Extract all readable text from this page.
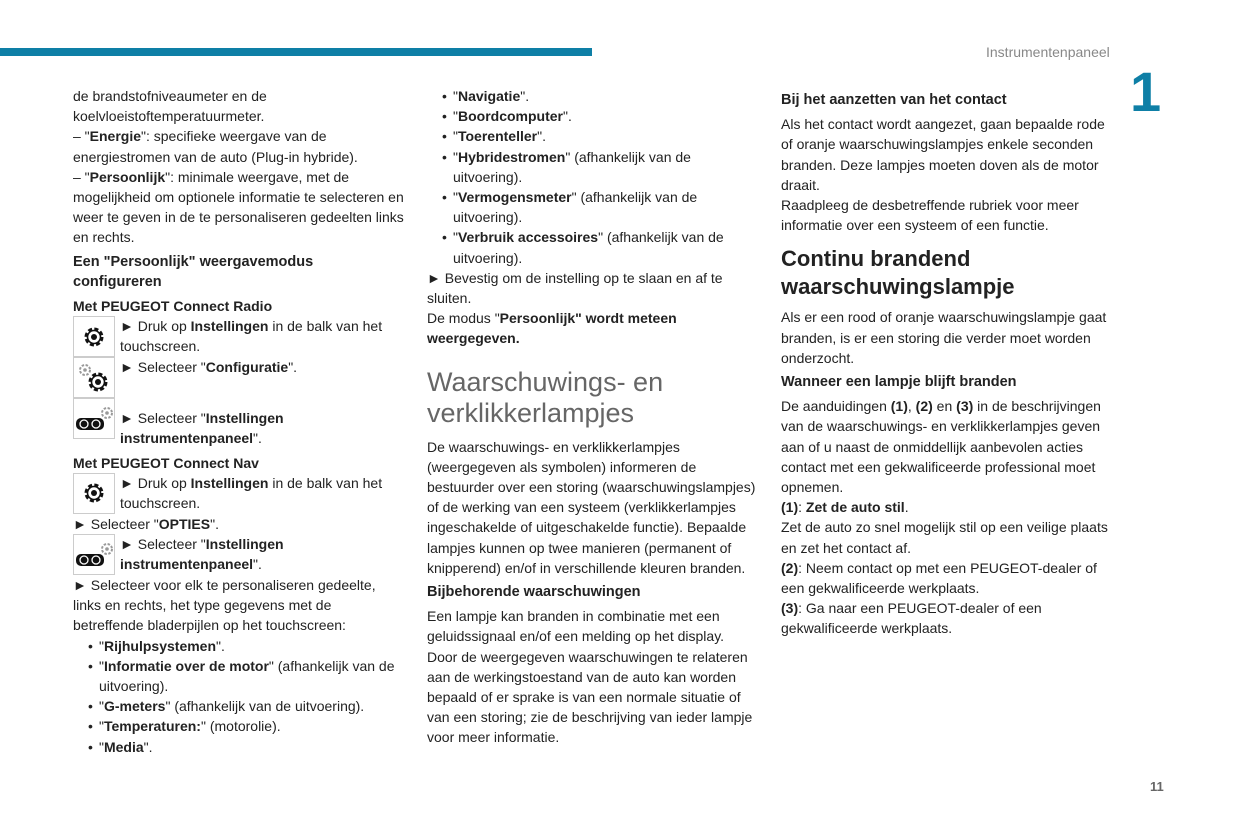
Instrumentenpaneel
1
11
de brandstofniveaumeter en de koelvloeistoftemperatuurmeter.
– "Energie": specifieke weergave van de energiestromen van de auto (Plug-in hybride).
– "Persoonlijk": minimale weergave, met de mogelijkheid om optionele informatie te selecteren en weer te geven in de te personaliseren gedeelten links en rechts.
Een "Persoonlijk" weergavemodus configureren
Met PEUGEOT Connect Radio
► Druk op Instellingen in de balk van het touchscreen.
► Selecteer "Configuratie".
► Selecteer "Instellingen instrumentenpaneel".
Met PEUGEOT Connect Nav
► Druk op Instellingen in de balk van het touchscreen.
► Selecteer "OPTIES".
► Selecteer "Instellingen instrumentenpaneel".
► Selecteer voor elk te personaliseren gedeelte, links en rechts, het type gegevens met de betreffende bladerpijlen op het touchscreen:
• "Rijhulpsystemen".
• "Informatie over de motor" (afhankelijk van de uitvoering).
• "G-meters" (afhankelijk van de uitvoering).
• "Temperaturen:" (motorolie).
• "Media".
• "Navigatie".
• "Boordcomputer".
• "Toerenteller".
• "Hybridestromen" (afhankelijk van de uitvoering).
• "Vermogensmeter" (afhankelijk van de uitvoering).
• "Verbruik accessoires" (afhankelijk van de uitvoering).
► Bevestig om de instelling op te slaan en af te sluiten.
De modus "Persoonlijk" wordt meteen weergegeven.
Waarschuwings- en verklikkerlampjes
De waarschuwings- en verklikkerlampjes (weergegeven als symbolen) informeren de bestuurder over een storing (waarschuwingslampjes) of de werking van een systeem (verklikkerlampjes ingeschakelde of uitgeschakelde functie). Bepaalde lampjes kunnen op twee manieren (permanent of knipperend) en/of in verschillende kleuren branden.
Bijbehorende waarschuwingen
Een lampje kan branden in combinatie met een geluidssignaal en/of een melding op het display.
Door de weergegeven waarschuwingen te relateren aan de werkingstoestand van de auto kan worden bepaald of er sprake is van een normale situatie of van een storing; zie de beschrijving van ieder lampje voor meer informatie.
Bij het aanzetten van het contact
Als het contact wordt aangezet, gaan bepaalde rode of oranje waarschuwingslampjes enkele seconden branden. Deze lampjes moeten doven als de motor draait.
Raadpleeg de desbetreffende rubriek voor meer informatie over een systeem of een functie.
Continu brandend waarschuwingslampje
Als er een rood of oranje waarschuwingslampje gaat branden, is er een storing die verder moet worden onderzocht.
Wanneer een lampje blijft branden
De aanduidingen (1), (2) en (3) in de beschrijvingen van de waarschuwings- en verklikkerlampjes geven aan of u naast de onmiddellijk aanbevolen acties contact met een gekwalificeerde professional moet opnemen.
(1): Zet de auto stil.
Zet de auto zo snel mogelijk stil op een veilige plaats en zet het contact af.
(2): Neem contact op met een PEUGEOT-dealer of een gekwalificeerde werkplaats.
(3): Ga naar een PEUGEOT-dealer of een gekwalificeerde werkplaats.
